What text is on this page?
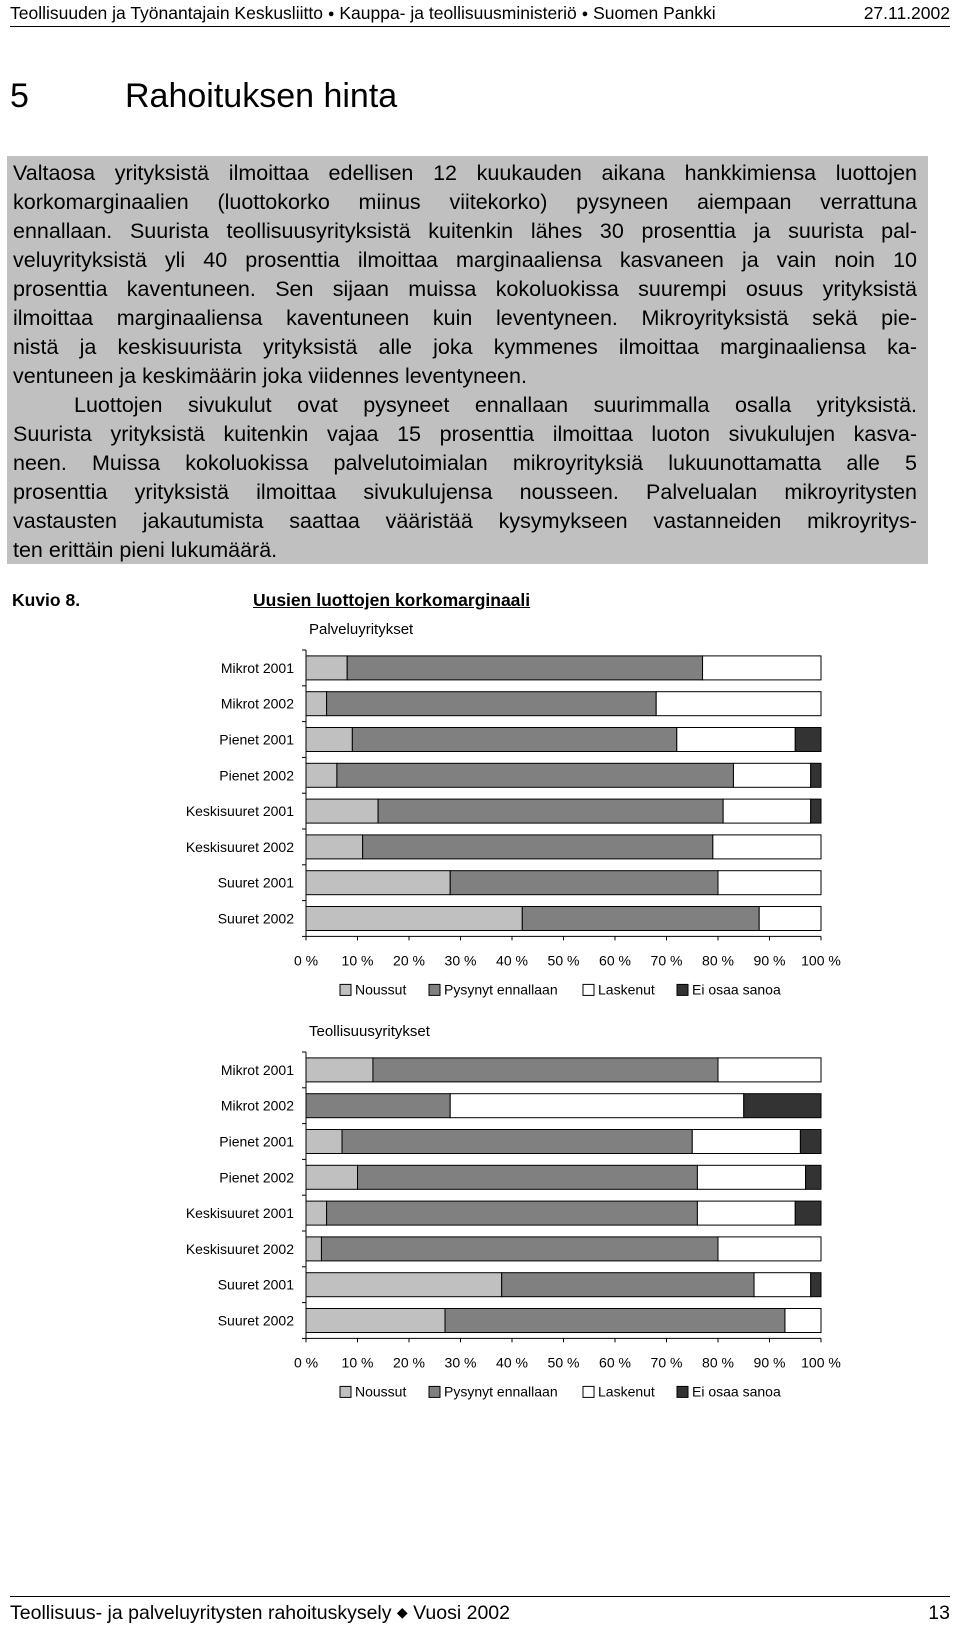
Teollisuuden ja Työnantajain Keskusliitto ● Kauppa- ja teollisuusministeriö ● Suomen Pankki	27.11.2002
5	Rahoituksen hinta
Valtaosa yrityksistä ilmoittaa edellisen 12 kuukauden aikana hankkimiensa luottojen
korkomarginaalien (luottokorko miinus viitekorko) pysyneen aiempaan verrattuna
ennallaan. Suurista teollisuusyrityksistä kuitenkin lähes 30 prosenttia ja suurista pal-
veluyrityksistä yli 40 prosenttia ilmoittaa marginaaliensa kasvaneen ja vain noin 10
prosenttia kaventuneen. Sen sijaan muissa kokoluokissa suurempi osuus yrityksistä
ilmoittaa marginaaliensa kaventuneen kuin leventyneen. Mikroyrityksistä sekä pie-
nistä ja keskisuurista yrityksistä alle joka kymmenes ilmoittaa marginaaliensa ka-
ventuneen ja keskimäärin joka viidennes leventyneen.
Luottojen sivukulut ovat pysyneet ennallaan suurimmalla osalla yrityksistä.
Suurista yrityksistä kuitenkin vajaa 15 prosenttia ilmoittaa luoton sivukulujen kasva-
neen. Muissa kokoluokissa palvelutoimialan mikroyrityksiä lukuunottamatta alle 5
prosenttia yrityksistä ilmoittaa sivukulujensa nousseen. Palvelualan mikroyritysten
vastausten jakautumista saattaa vääristää kysymykseen vastanneiden mikroyritys-
ten erittäin pieni lukumäärä.
Kuvio 8.	Uusien luottojen korkomarginaali
Palveluyritykset
0 % 10 % 20 % 30 % 40 % 50 % 60 % 70 % 80 % 90 % 100 %
Mikrot 2001
Mikrot 2002
Pienet 2001
Pienet 2002
Keskisuuret 2001
Keskisuuret 2002
Suuret 2001
Suuret 2002
Noussut	Pysynyt ennallaan	Laskenut	Ei osaa sanoa
Teollisuusyritykset
0 % 10 % 20 % 30 % 40 % 50 % 60 % 70 % 80 % 90 % 100 %
Mikrot 2001
Mikrot 2002
Pienet 2001
Pienet 2002
Keskisuuret 2001
Keskisuuret 2002
Suuret 2001
Suuret 2002
Noussut	Pysynyt ennallaan	Laskenut	Ei osaa sanoa
Teollisuus- ja palveluyritysten rahoituskysely ◆ Vuosi 2002	13
